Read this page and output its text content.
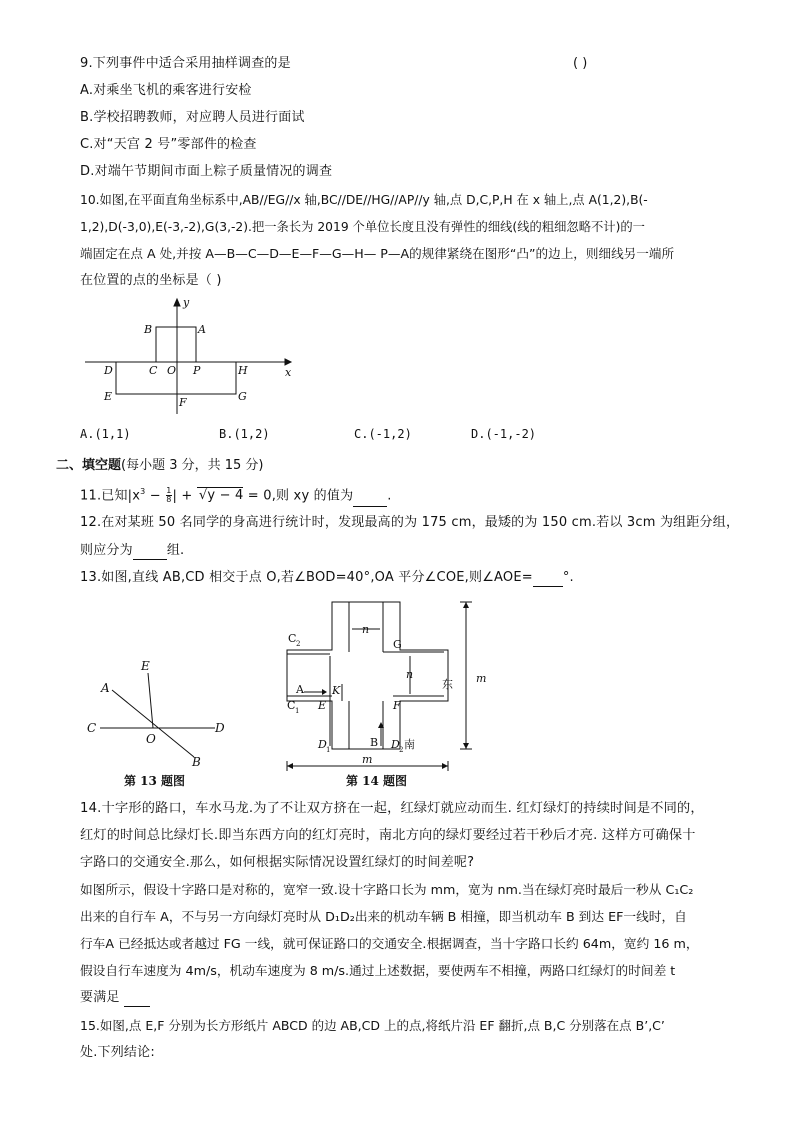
9.下列事件中适合采用抽样调查的是	( )
A.对乘坐飞机的乘客进行安检
B.学校招聘教师，对应聘人员进行面试
C.对“天宫 2 号”零部件的检查
D.对端午节期间市面上粽子质量情况的调查
10.如图,在平面直角坐标系中,AB//EG//x 轴,BC//DE//HG//AP//y 轴,点 D,C,P,H 在 x 轴上,点 A(1,2),B(-
1,2),D(-3,0),E(-3,-2),G(3,-2).把一条长为 2019 个单位长度且没有弹性的细线(线的粗细忽略不计)的一
端固定在点 A 处,并按 A—B—C—D—E—F—G—H— P—A的规律紧绕在图形“凸”的边上，则细线另一端所
在位置的点的坐标是（ )
y
x
B	A
C O P
D	H
E	F	G
A.(1,1)	B.(1,2)	C.(-1,2)	D.(-1,-2)
二、填空题(每小题 3 分，共 15 分)
11.已知$|x^3 - \frac{1}{8}$ | + √y − 4 = 0,则 xy 的值为	.
12.在对某班 50 名同学的身高进行统计时，发现最高的为 175 cm，最矮的为 150 cm.若以 3cm 为组距分组，
则应分为	组.
13.如图,直线 AB,CD 相交于点 O,若∠BOD=40°,OA 平分∠COE,则∠AOE= °.
E
A
C
O
D
B
第 13 题图
C 2	G
n
n
东 m
A	K
C 1 E	F
B
D 1	D 2 南
m
第 14 题图
14.十字形的路口，车水马龙.为了不让双方挤在一起，红绿灯就应动而生. 红灯绿灯的持续时间是不同的，
红灯的时间总比绿灯长.即当东西方向的红灯亮时，南北方向的绿灯要经过若干秒后才亮. 这样方可确保十
字路口的交通安全.那么，如何根据实际情况设置红绿灯的时间差呢?
如图所示，假设十字路口是对称的，宽窄一致.设十字路口长为 mm，宽为 nm.当在绿灯亮时最后一秒从 C₁C₂
出来的自行车 A，不与另一方向绿灯亮时从 D₁D₂出来的机动车辆 B 相撞，即当机动车 B 到达 EF一线时，自
行车A 已经抵达或者越过 FG 一线，就可保证路口的交通安全.根据调查，当十字路口长约 64m，宽约 16 m，
假设自行车速度为 4m/s，机动车速度为 8 m/s.通过上述数据，要使两车不相撞，两路口红绿灯的时间差 t
要满足
15.如图,点 E,F 分别为长方形纸片 ABCD 的边 AB,CD 上的点,将纸片沿 EF 翻折,点 B,C 分别落在点 B’,C’
处.下列结论:
